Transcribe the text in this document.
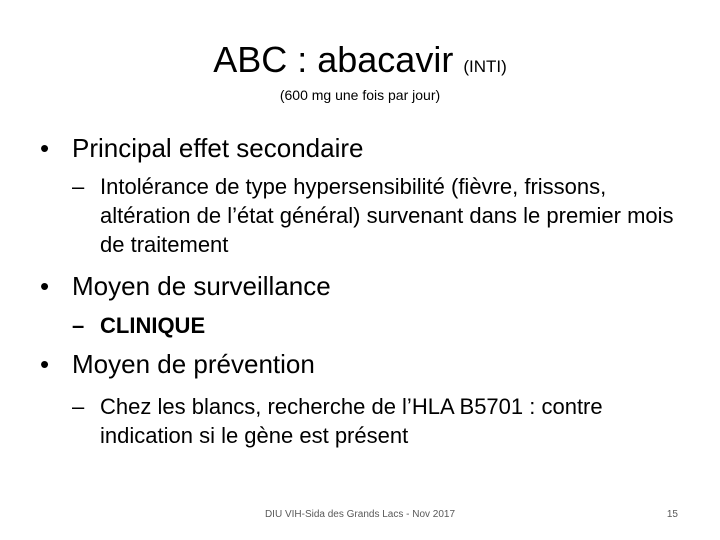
ABC : abacavir (INTI)
(600 mg une fois par jour)
• Principal effet secondaire
– Intolérance de type hypersensibilité (fièvre, frissons, altération de l’état général) survenant dans le premier mois de traitement
• Moyen de surveillance
– CLINIQUE
• Moyen de prévention
– Chez les blancs, recherche de l’HLA B5701 : contre indication si le gène est présent
DIU VIH-Sida des Grands Lacs - Nov 2017	15
